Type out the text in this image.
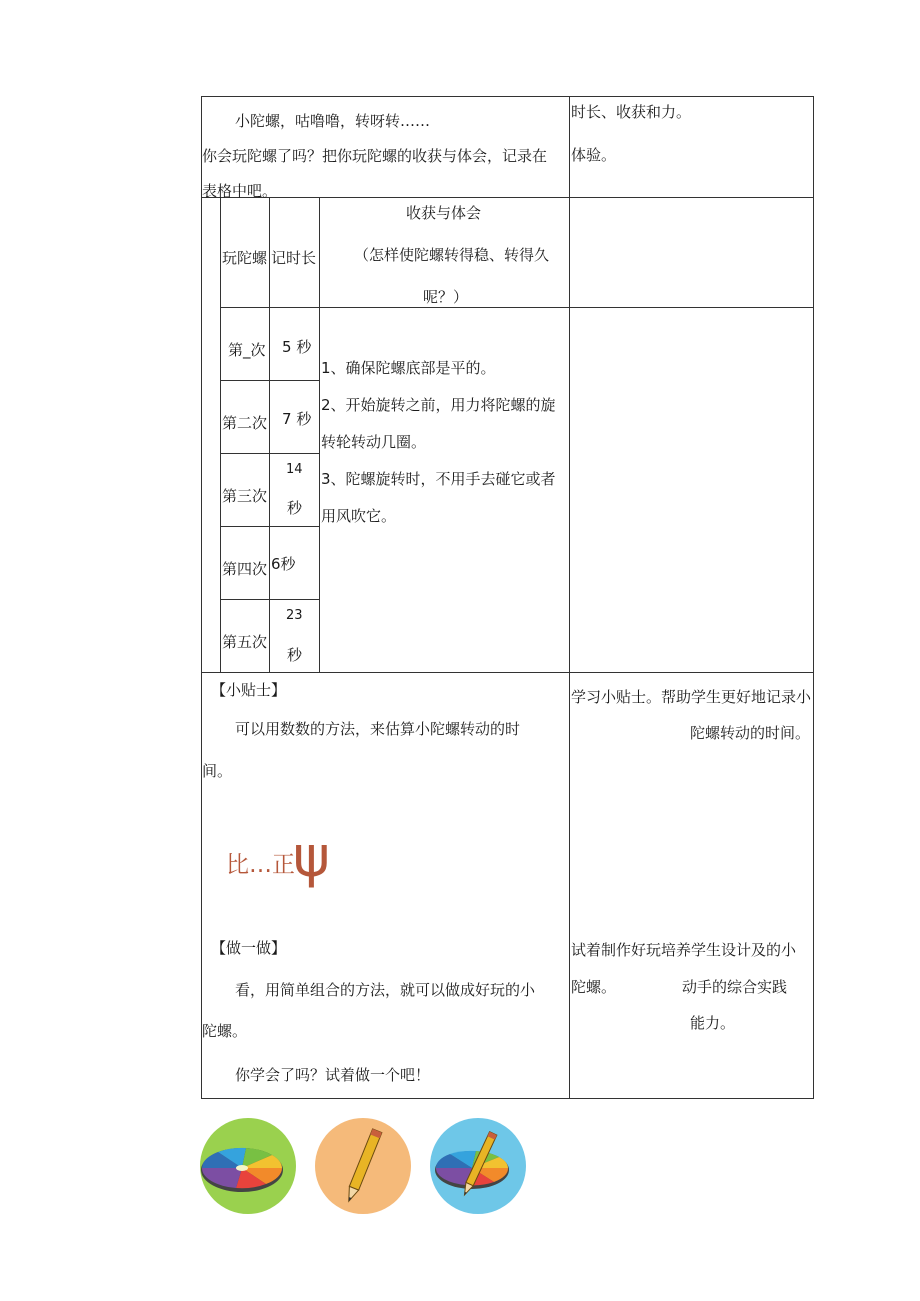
小陀螺，咕噜噜，转呀转……
你会玩陀螺了吗？把你玩陀螺的收获与体会，记录在
表格中吧。
时长、收获和力。
体验。
玩陀螺 记时长
收获与体会
（怎样使陀螺转得稳、转得久
呢？）
第_次 5 秒
第二次 7 秒
第三次
14
秒
第四次 6秒
第五次
23
秒
1、确保陀螺底部是平的。
2、开始旋转之前，用力将陀螺的旋
转轮转动几圈。
3、陀螺旋转时，不用手去碰它或者
用风吹它。
【小贴士】
可以用数数的方法，来估算小陀螺转动的时
间。
比…正
ψ
学习小贴士。帮助学生更好地记录小
陀螺转动的时间。
【做一做】
看，用简单组合的方法，就可以做成好玩的小
陀螺。
你学会了吗？试着做一个吧！
试着制作好玩培养学生设计及的小
陀螺。	动手的综合实践
能力。
